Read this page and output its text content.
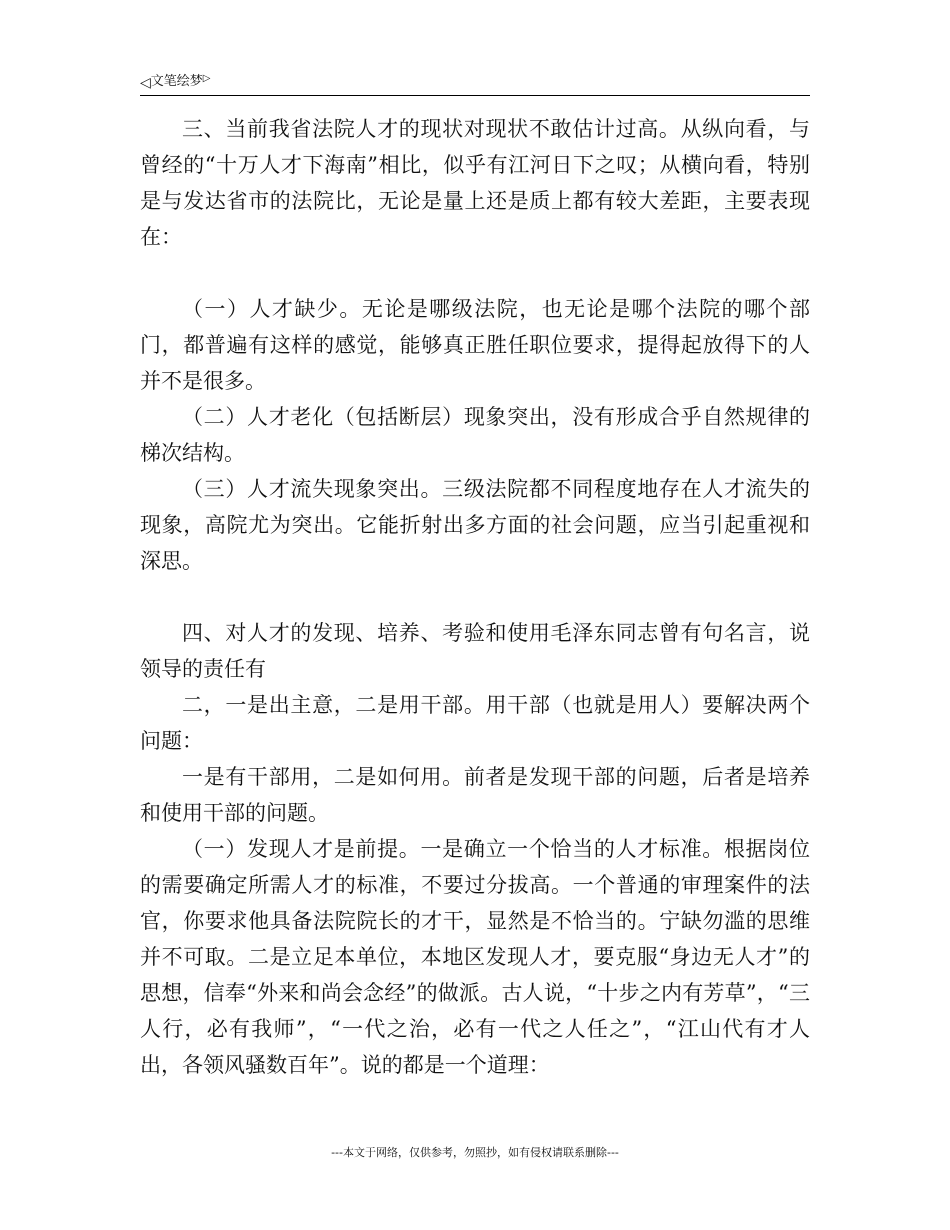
◁ 文笔绘梦 ▷

三、当前我省法院人才的现状对现状不敢估计过高。从纵向看，与曾经的“十万人才下海南”相比，似乎有江河日下之叹；从横向看，特别是与发达省市的法院比，无论是量上还是质上都有较大差距，主要表现在：

（一）人才缺少。无论是哪级法院，也无论是哪个法院的哪个部门，都普遍有这样的感觉，能够真正胜任职位要求，提得起放得下的人并不是很多。

（二）人才老化（包括断层）现象突出，没有形成合乎自然规律的梯次结构。

（三）人才流失现象突出。三级法院都不同程度地存在人才流失的现象，高院尤为突出。它能折射出多方面的社会问题，应当引起重视和深思。

四、对人才的发现、培养、考验和使用毛泽东同志曾有句名言，说领导的责任有

二，一是出主意，二是用干部。用干部（也就是用人）要解决两个问题：

一是有干部用，二是如何用。前者是发现干部的问题，后者是培养和使用干部的问题。

（一）发现人才是前提。一是确立一个恰当的人才标准。根据岗位的需要确定所需人才的标准，不要过分拔高。一个普通的审理案件的法官，你要求他具备法院院长的才干，显然是不恰当的。宁缺勿滥的思维并不可取。二是立足本单位，本地区发现人才，要克服“身边无人才”的思想，信奉“外来和尚会念经”的做派。古人说，“十步之内有芳草”，“三人行，必有我师”，“一代之治，必有一代之人任之”，“江山代有才人出，各领风骚数百年”。说的都是一个道理：

---本文于网络，仅供参考，勿照抄，如有侵权请联系删除---
